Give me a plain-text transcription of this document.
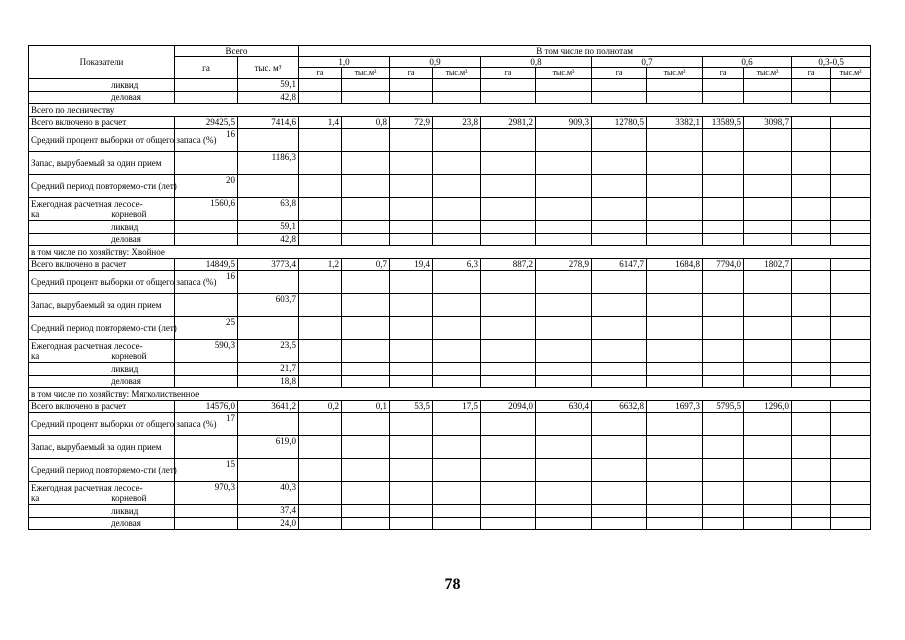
Показатели	Всего		В том числе по полнотам											
	га	тыс. м³	1,0		0,9		0,8		0,7		0,6		0,3-0,5	
			га	тыс.м³	га	тыс.м³	га	тыс.м³	га	тыс.м³	га	тыс.м³	га	тыс.м³
ликвид		59,1												
деловая		42,8												
Всего по лесничеству														
Всего включено в расчет	29425,5	7414,6	1,4	0,8	72,9	23,8	2981,2	909,3	12780,5	3382,1	13589,5	3098,7		
Средний процент выборки от общего запаса (%)	16													
Запас, вырубаемый за один прием		1186,3												
Средний период повторяемо-сти (лет)	20													
Ежегодная расчетная лесосе-
ка корневой	1560,6	63,8												
ликвид		59,1												
деловая		42,8												
в том числе по хозяйству: Хвойное														
Всего включено в расчет	14849,5	3773,4	1,2	0,7	19,4	6,3	887,2	278,9	6147,7	1684,8	7794,0	1802,7		
Средний процент выборки от общего запаса (%)	16													
Запас, вырубаемый за один прием		603,7												
Средний период повторяемо-сти (лет)	25													
Ежегодная расчетная лесосе-
ка корневой	590,3	23,5												
ликвид		21,7												
деловая		18,8												
в том числе по хозяйству: Мягколиственное														
Всего включено в расчет	14576,0	3641,2	0,2	0,1	53,5	17,5	2094,0	630,4	6632,8	1697,3	5795,5	1296,0		
Средний процент выборки от общего запаса (%)	17													
Запас, вырубаемый за один прием		619,0												
Средний период повторяемо-сти (лет)	15													
Ежегодная расчетная лесосе-
ка корневой	970,3	40,3												
ликвид		37,4												
деловая		24,0												
78
